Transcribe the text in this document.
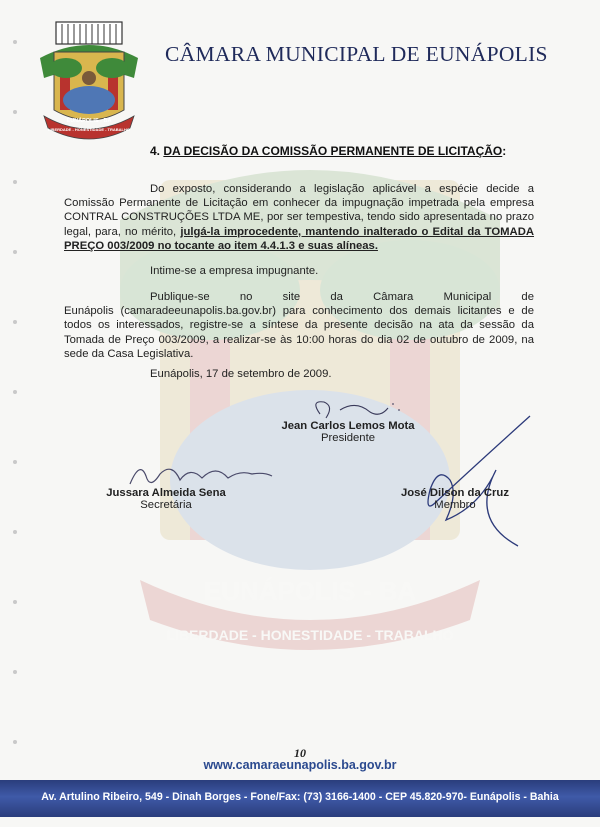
EUNÁPOLIS - BA
LIBERDADE - HONESTIDADE - TRABALHO
EUNÁPOLIS - BA
LIBERDADE - HONESTIDADE - TRABALHO
CÂMARA MUNICIPAL DE EUNÁPOLIS
4. DA DECISÃO DA COMISSÃO PERMANENTE DE LICITAÇÃO:
Do exposto, considerando a legislação aplicável a espécie decide a Comissão Permanente de Licitação em conhecer da impugnação impetrada pela empresa CONTRAL CONSTRUÇÕES LTDA ME, por ser tempestiva, tendo sido apresentada no prazo legal, para, no mérito, julgá-la improcedente, mantendo inalterado o Edital da TOMADA PREÇO 003/2009 no tocante ao item 4.4.1.3 e suas alíneas.
Intime-se a empresa impugnante.
Publique-se no site da Câmara Municipal de Eunápolis (camaradeeunapolis.ba.gov.br) para conhecimento dos demais licitantes e de todos os interessados, registre-se a síntese da presente decisão na ata da sessão da Tomada de Preço 003/2009, a realizar-se às 10:00 horas do dia 02 de outubro de 2009, na sede da Casa Legislativa.
Eunápolis, 17 de setembro de 2009.
Jean Carlos Lemos Mota
Presidente
Jussara Almeida Sena
Secretária
José Dilson da Cruz
Membro
10
www.camaraeunapolis.ba.gov.br
Av. Artulino Ribeiro, 549 - Dinah Borges - Fone/Fax: (73) 3166-1400 - CEP 45.820-970- Eunápolis - Bahia
